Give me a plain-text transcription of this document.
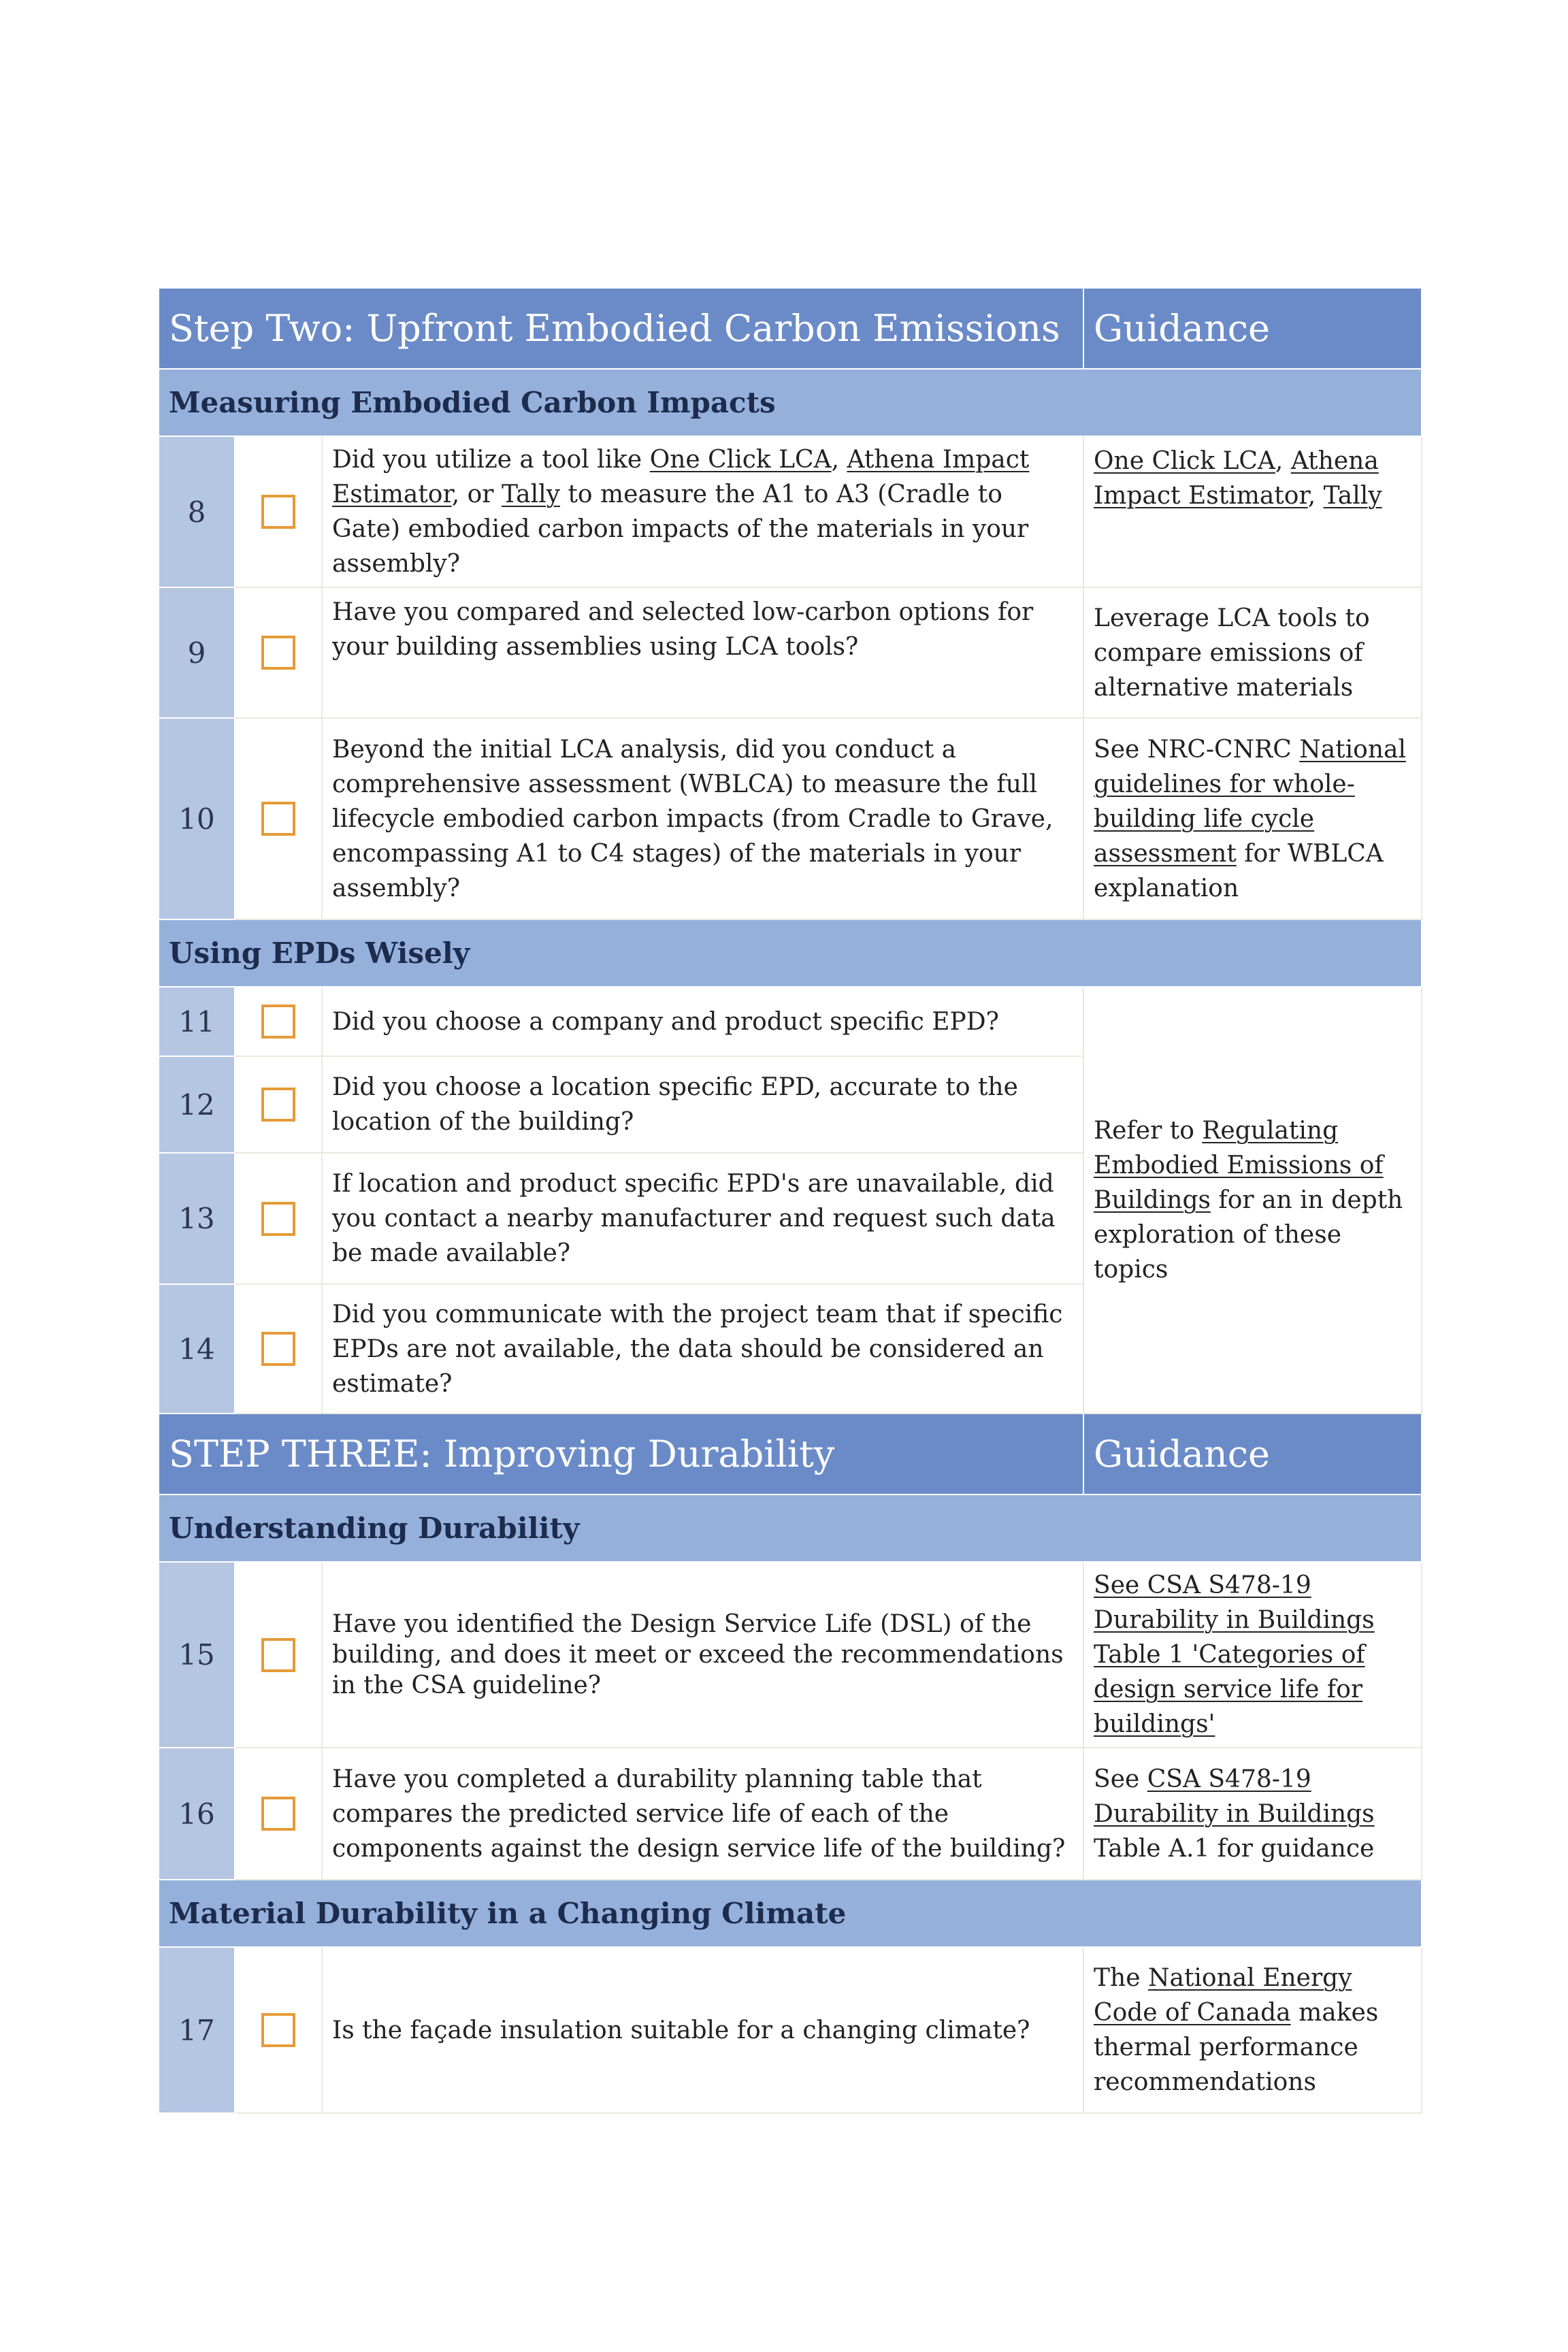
Step Two: Upfront Embodied Carbon Emissions			Guidance
Measuring Embodied Carbon Impacts			
8		Did you utilize a tool like One Click LCA, Athena Impact Estimator, or Tally to measure the A1 to A3 (Cradle to Gate) embodied carbon impacts of the materials in your assembly?	One Click LCA, Athena Impact Estimator, Tally
9		Have you compared and selected low-carbon options for your building assemblies using LCA tools?	Leverage LCA tools to compare emissions of alternative materials
10		Beyond the initial LCA analysis, did you conduct a comprehensive assessment (WBLCA) to measure the full lifecycle embodied carbon impacts (from Cradle to Grave, encompassing A1 to C4 stages) of the materials in your assembly?	See NRC-CNRC National guidelines for whole-building life cycle assessment for WBLCA explanation
Using EPDs Wisely			
11		Did you choose a company and product specific EPD?	Refer to Regulating Embodied Emissions of Buildings for an in depth exploration of these topics
12		Did you choose a location specific EPD, accurate to the location of the building?	
13		If location and product specific EPD's are unavailable, did you contact a nearby manufacturer and request such data be made available?	
14		Did you communicate with the project team that if specific EPDs are not available, the data should be considered an estimate?	
STEP THREE: Improving Durability			Guidance
Understanding Durability			
15		Have you identified the Design Service Life (DSL) of the building, and does it meet or exceed the recommendations in the CSA guideline?	See CSA S478-19 Durability in Buildings Table 1 'Categories of design service life for buildings'
16		Have you completed a durability planning table that compares the predicted service life of each of the components against the design service life of the building?	See CSA S478-19 Durability in Buildings Table A.1 for guidance
Material Durability in a Changing Climate			
17		Is the façade insulation suitable for a changing climate?	The National Energy Code of Canada makes thermal performance recommendations
